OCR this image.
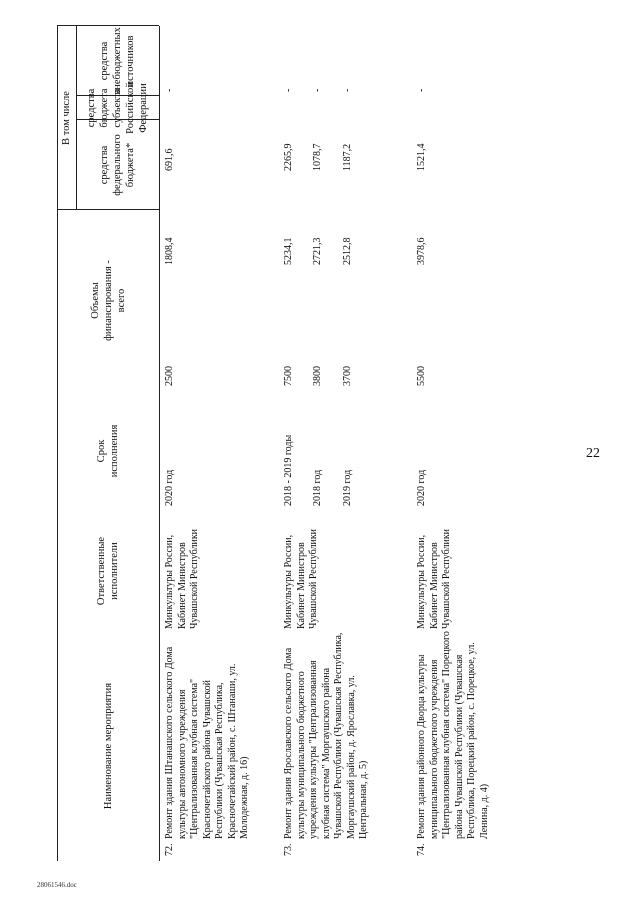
22
28061546.doc
Наименование мероприятия
Ответственные исполнители
Срок исполнения
Объемы финансирования - всего
В том числе
средства федерального бюджета*
средства бюджета субъекта Российской Федерации
средства внебюджетных источников
72.
Ремонт здания Штанашского сельского Дома культуры автономного учреждения "Централизованная клубная система" Красночетайского района Чувашской Республики (Чувашская Республика, Красночетайский район, с. Штанаши, ул. Молодежная, д. 16)
Минкультуры России, Кабинет Министров Чувашской Республики
2020 год
2500
1808,4
691,6
-
73.
Ремонт здания Ярославского сельского Дома культуры муниципального бюджетного учреждения культуры "Централизованная клубная система" Моргаушского района Чувашской Республики (Чувашская Республика, Моргаушский район, д. Ярославка, ул. Центральная, д. 5)
Минкультуры России, Кабинет Министров Чувашской Республики
2018 - 2019 годы
7500
5234,1
2265,9
-
2018 год
3800
2721,3
1078,7
-
2019 год
3700
2512,8
1187,2
-
74.
Ремонт здания районного Дворца культуры муниципального бюджетного учреждения "Централизованная клубная система" Порецкого района Чувашской Республики (Чувашская Республика, Порецкий район, с. Порецкое, ул. Ленина, д. 4)
Минкультуры России, Кабинет Министров Чувашской Республики
2020 год
5500
3978,6
1521,4
-
